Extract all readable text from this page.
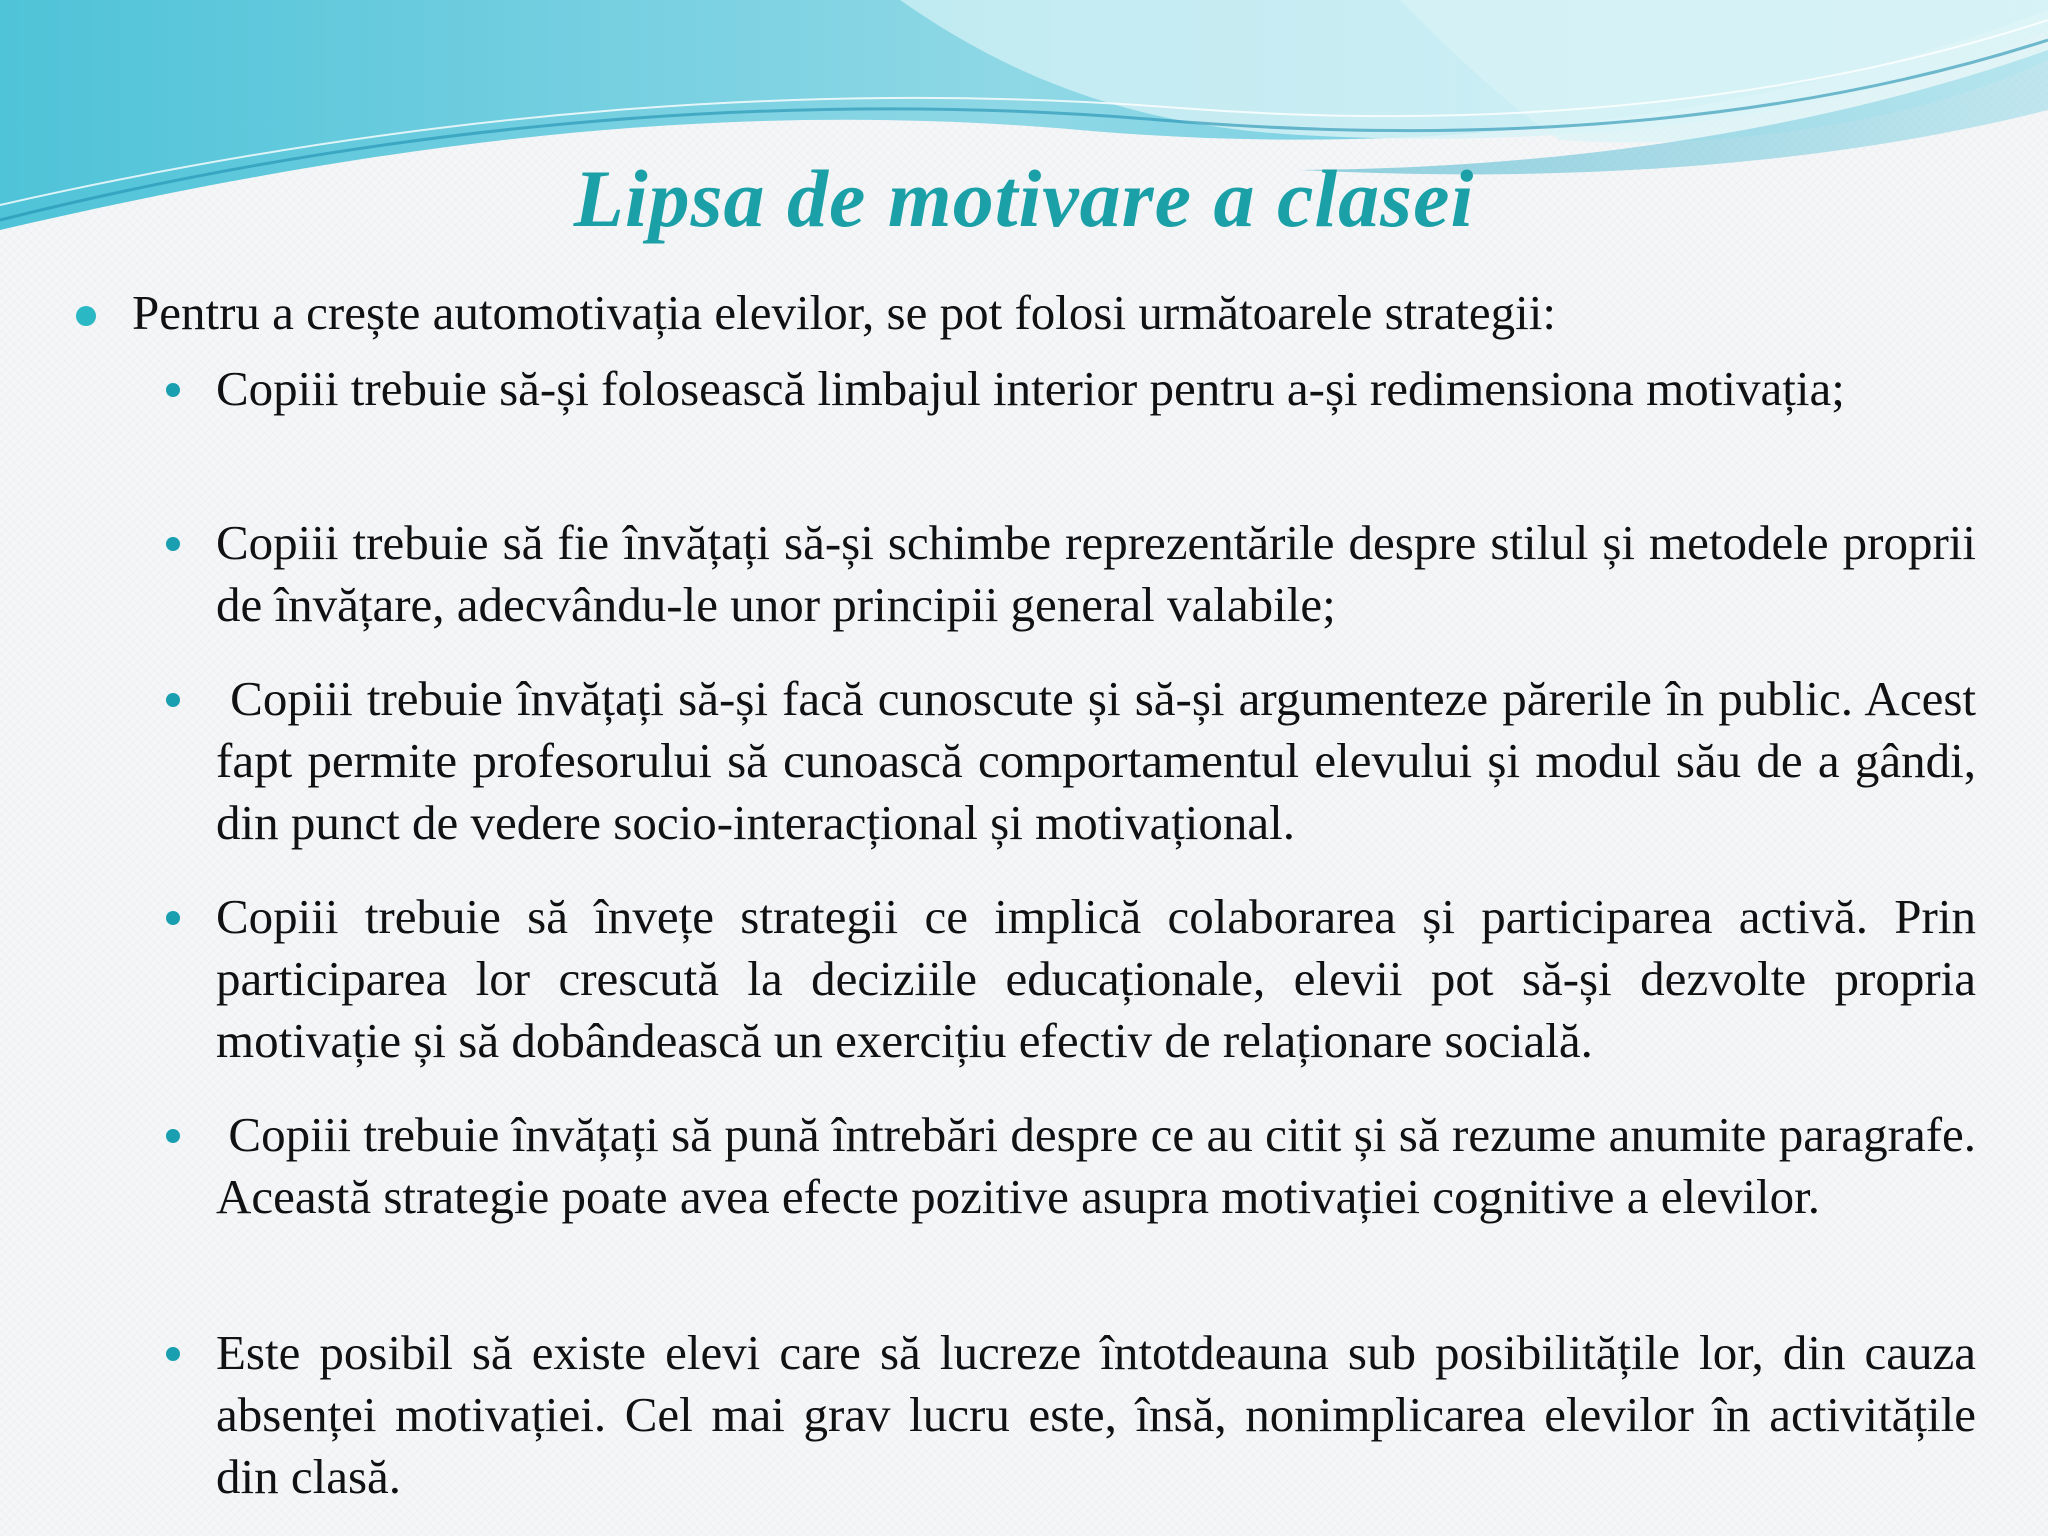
Lipsa de motivare a clasei
Pentru a crește automotivația elevilor, se pot folosi următoarele strategii:
Copiii trebuie să-și folosească limbajul interior pentru a-și redimensiona motivația;
Copiii trebuie să fie învățați să-și schimbe reprezentările despre stilul și metodele proprii de învățare, adecvându-le unor principii general valabile;
Copiii trebuie învățați să-și facă cunoscute și să-și argumenteze părerile în public. Acest fapt permite profesorului să cunoască comportamentul elevului și modul său de a gândi, din punct de vedere socio-interacțional și motivațional.
Copiii trebuie să învețe strategii ce implică colaborarea și participarea activă. Prin participarea lor crescută la deciziile educaționale, elevii pot să-și dezvolte propria motivație și să dobândească un exercițiu efectiv de relaționare socială.
Copiii trebuie învățați să pună întrebări despre ce au citit și să rezume anumite paragrafe. Această strategie poate avea efecte pozitive asupra motivației cognitive a elevilor.
Este posibil să existe elevi care să lucreze întotdeauna sub posibilitățile lor, din cauza absenței motivației. Cel mai grav lucru este, însă, nonimplicarea elevilor în activitățile din clasă.
